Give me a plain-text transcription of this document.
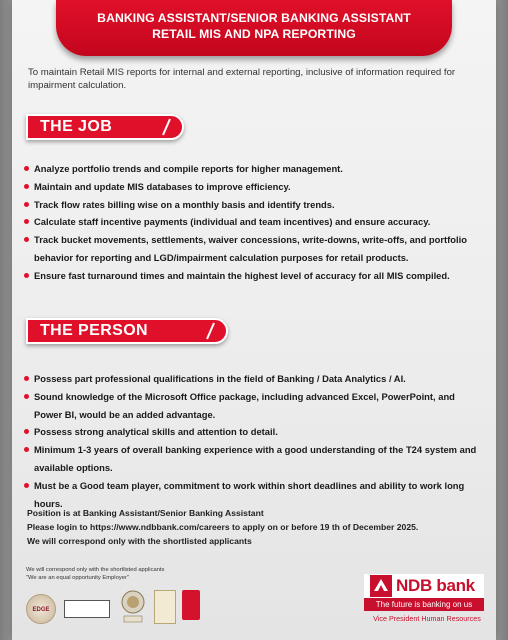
BANKING ASSISTANT/SENIOR BANKING ASSISTANT
RETAIL MIS AND NPA REPORTING

To maintain Retail MIS reports for internal and external reporting, inclusive of information required for impairment calculation.

THE JOB
Analyze portfolio trends and compile reports for higher management.
Maintain and update MIS databases to improve efficiency.
Track flow rates billing wise on a monthly basis and identify trends.
Calculate staff incentive payments (individual and team incentives) and ensure accuracy.
Track bucket movements, settlements, waiver concessions, write-downs, write-offs, and portfolio behavior for reporting and LGD/impairment calculation purposes for retail products.
Ensure fast turnaround times and maintain the highest level of accuracy for all MIS compiled.
THE PERSON
Possess part professional qualifications in the field of Banking / Data Analytics / AI.
Sound knowledge of the Microsoft Office package, including advanced Excel, PowerPoint, and Power BI, would be an added advantage.
Possess strong analytical skills and attention to detail.
Minimum 1-3 years of overall banking experience with a good understanding of the T24 system and available options.
Must be a Good team player, commitment to work within short deadlines and ability to work long hours.
Position is at Banking Assistant/Senior Banking Assistant
Please login to https://www.ndbbank.com/careers to apply on or before 19 th of December 2025.
We will correspond only with the shortlisted applicants
We will correspond only with the shortlisted applicants
"We are an equal opportunity Employer"
EDGE
NDB bank
The future is banking on us
Vice President Human Resources
